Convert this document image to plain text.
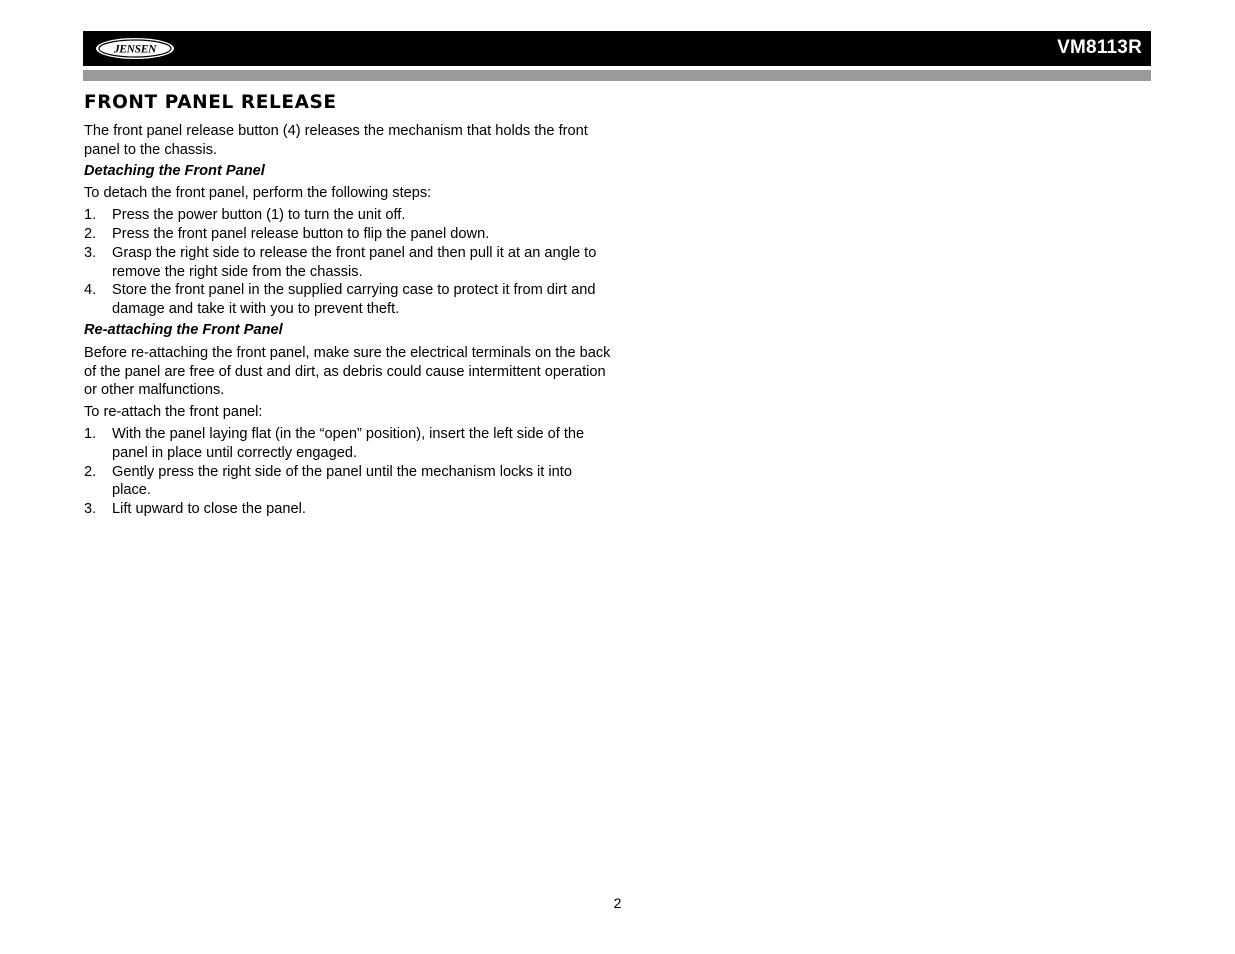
JENSEN	VM8113R
FRONT PANEL RELEASE

The front panel release button (4) releases the mechanism that holds the front panel to the chassis.

Detaching the Front Panel

To detach the front panel, perform the following steps:

1. Press the power button (1) to turn the unit off.
2. Press the front panel release button to flip the panel down.
3. Grasp the right side to release the front panel and then pull it at an angle to remove the right side from the chassis.
4. Store the front panel in the supplied carrying case to protect it from dirt and damage and take it with you to prevent theft.
Re-attaching the Front Panel

Before re-attaching the front panel, make sure the electrical terminals on the back of the panel are free of dust and dirt, as debris could cause intermittent operation or other malfunctions.

To re-attach the front panel:

1. With the panel laying flat (in the “open” position), insert the left side of the panel in place until correctly engaged.
2. Gently press the right side of the panel until the mechanism locks it into place.
3. Lift upward to close the panel.
2
